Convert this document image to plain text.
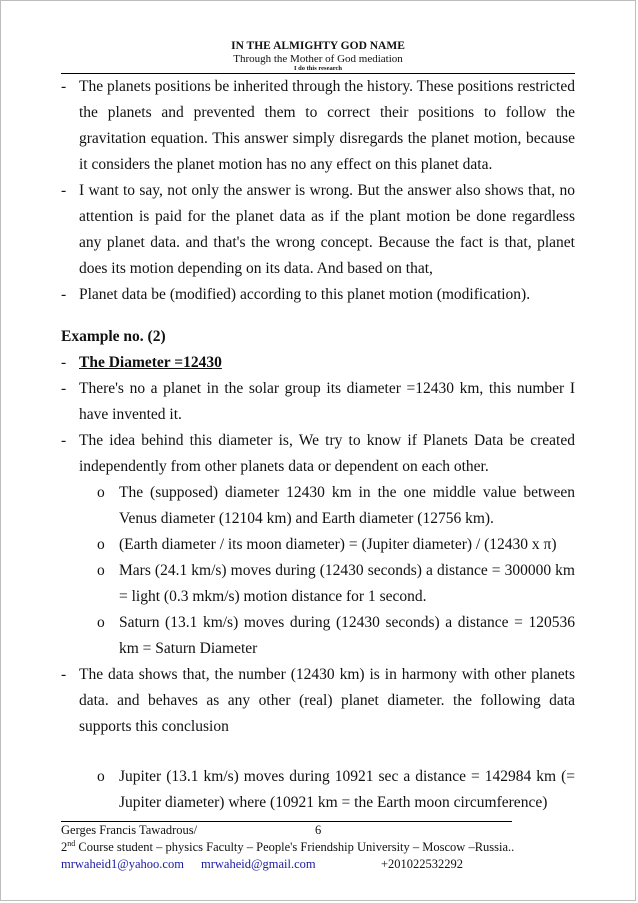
IN THE ALMIGHTY GOD NAME
Through the Mother of God mediation
I do this research
- The planets positions be inherited through the history. These positions restricted the planets and prevented them to correct their positions to follow the gravitation equation. This answer simply disregards the planet motion, because it considers the planet motion has no any effect on this planet data.
- I want to say, not only the answer is wrong. But the answer also shows that, no attention is paid for the planet data as if the plant motion be done regardless any planet data. and that's the wrong concept. Because the fact is that, planet does its motion depending on its data. And based on that,
- Planet data be (modified) according to this planet motion (modification).
Example no. (2)
- The Diameter =12430
- There's no a planet in the solar group its diameter =12430 km, this number I have invented it.
- The idea behind this diameter is, We try to know if Planets Data be created independently from other planets data or dependent on each other.
o The (supposed) diameter 12430 km in the one middle value between Venus diameter (12104 km) and Earth diameter (12756 km).
o (Earth diameter / its moon diameter) = (Jupiter diameter) / (12430 x π)
o Mars (24.1 km/s) moves during (12430 seconds) a distance = 300000 km = light (0.3 mkm/s) motion distance for 1 second.
o Saturn (13.1 km/s) moves during (12430 seconds) a distance = 120536 km = Saturn Diameter
- The data shows that, the number (12430 km) is in harmony with other planets data. and behaves as any other (real) planet diameter. the following data supports this conclusion
o Jupiter (13.1 km/s) moves during 10921 sec a distance = 142984 km (= Jupiter diameter) where (10921 km = the Earth moon circumference)
Gerges Francis Tawadrous/	6
2nd Course student – physics Faculty – People's Friendship University – Moscow –Russia..
mrwaheid1@yahoo.com mrwaheid@gmail.com	+201022532292
